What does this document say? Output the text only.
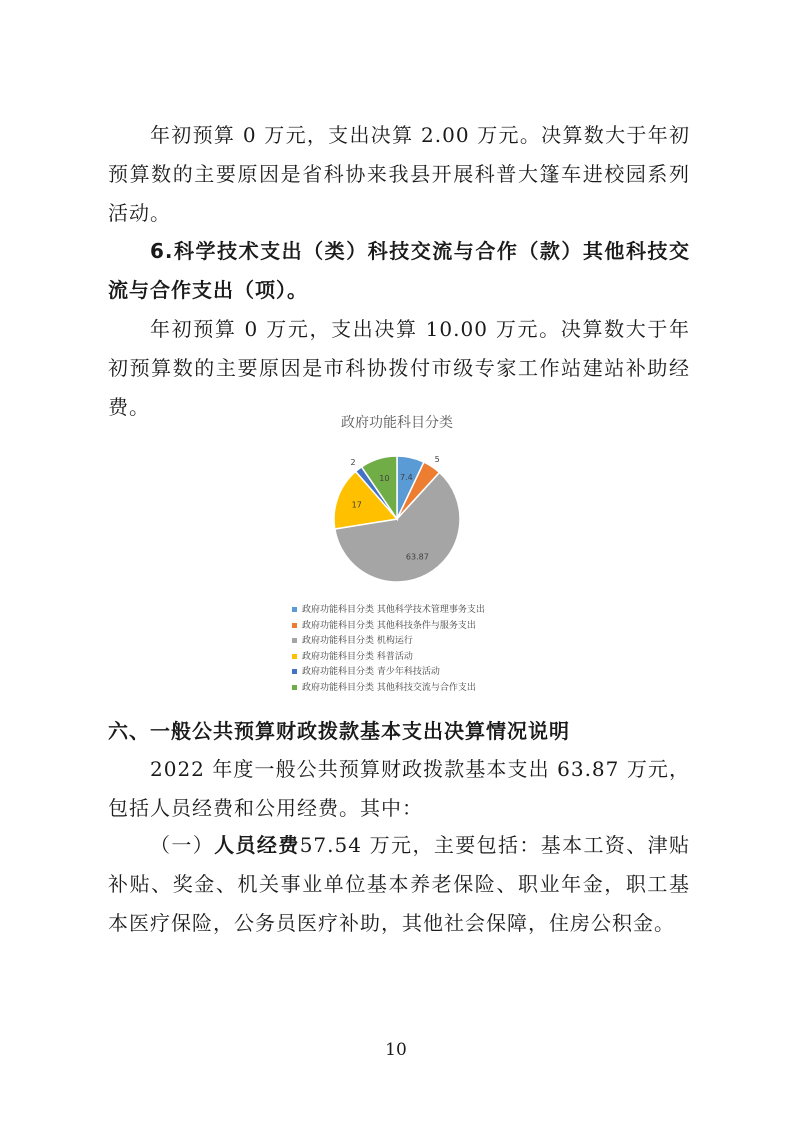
年初预算 0 万元，支出决算 2.00 万元。决算数大于年初预算数的主要原因是省科协来我县开展科普大篷车进校园系列活动。

6.科学技术支出（类）科技交流与合作（款）其他科技交流与合作支出（项）。

年初预算 0 万元，支出决算 10.00 万元。决算数大于年初预算数的主要原因是市科协拨付市级专家工作站建站补助经费。

政府功能科目分类
7.4
5
63.87
17
2
10
政府功能科目分类 其他科学技术管理事务支出
政府功能科目分类 其他科技条件与服务支出
政府功能科目分类 机构运行
政府功能科目分类 科普活动
政府功能科目分类 青少年科技活动
政府功能科目分类 其他科技交流与合作支出
六、一般公共预算财政拨款基本支出决算情况说明

2022 年度一般公共预算财政拨款基本支出 63.87 万元，包括人员经费和公用经费。其中：

（一）人员经费57.54 万元，主要包括：基本工资、津贴补贴、奖金、机关事业单位基本养老保险、职业年金，职工基本医疗保险，公务员医疗补助，其他社会保障，住房公积金。

10
